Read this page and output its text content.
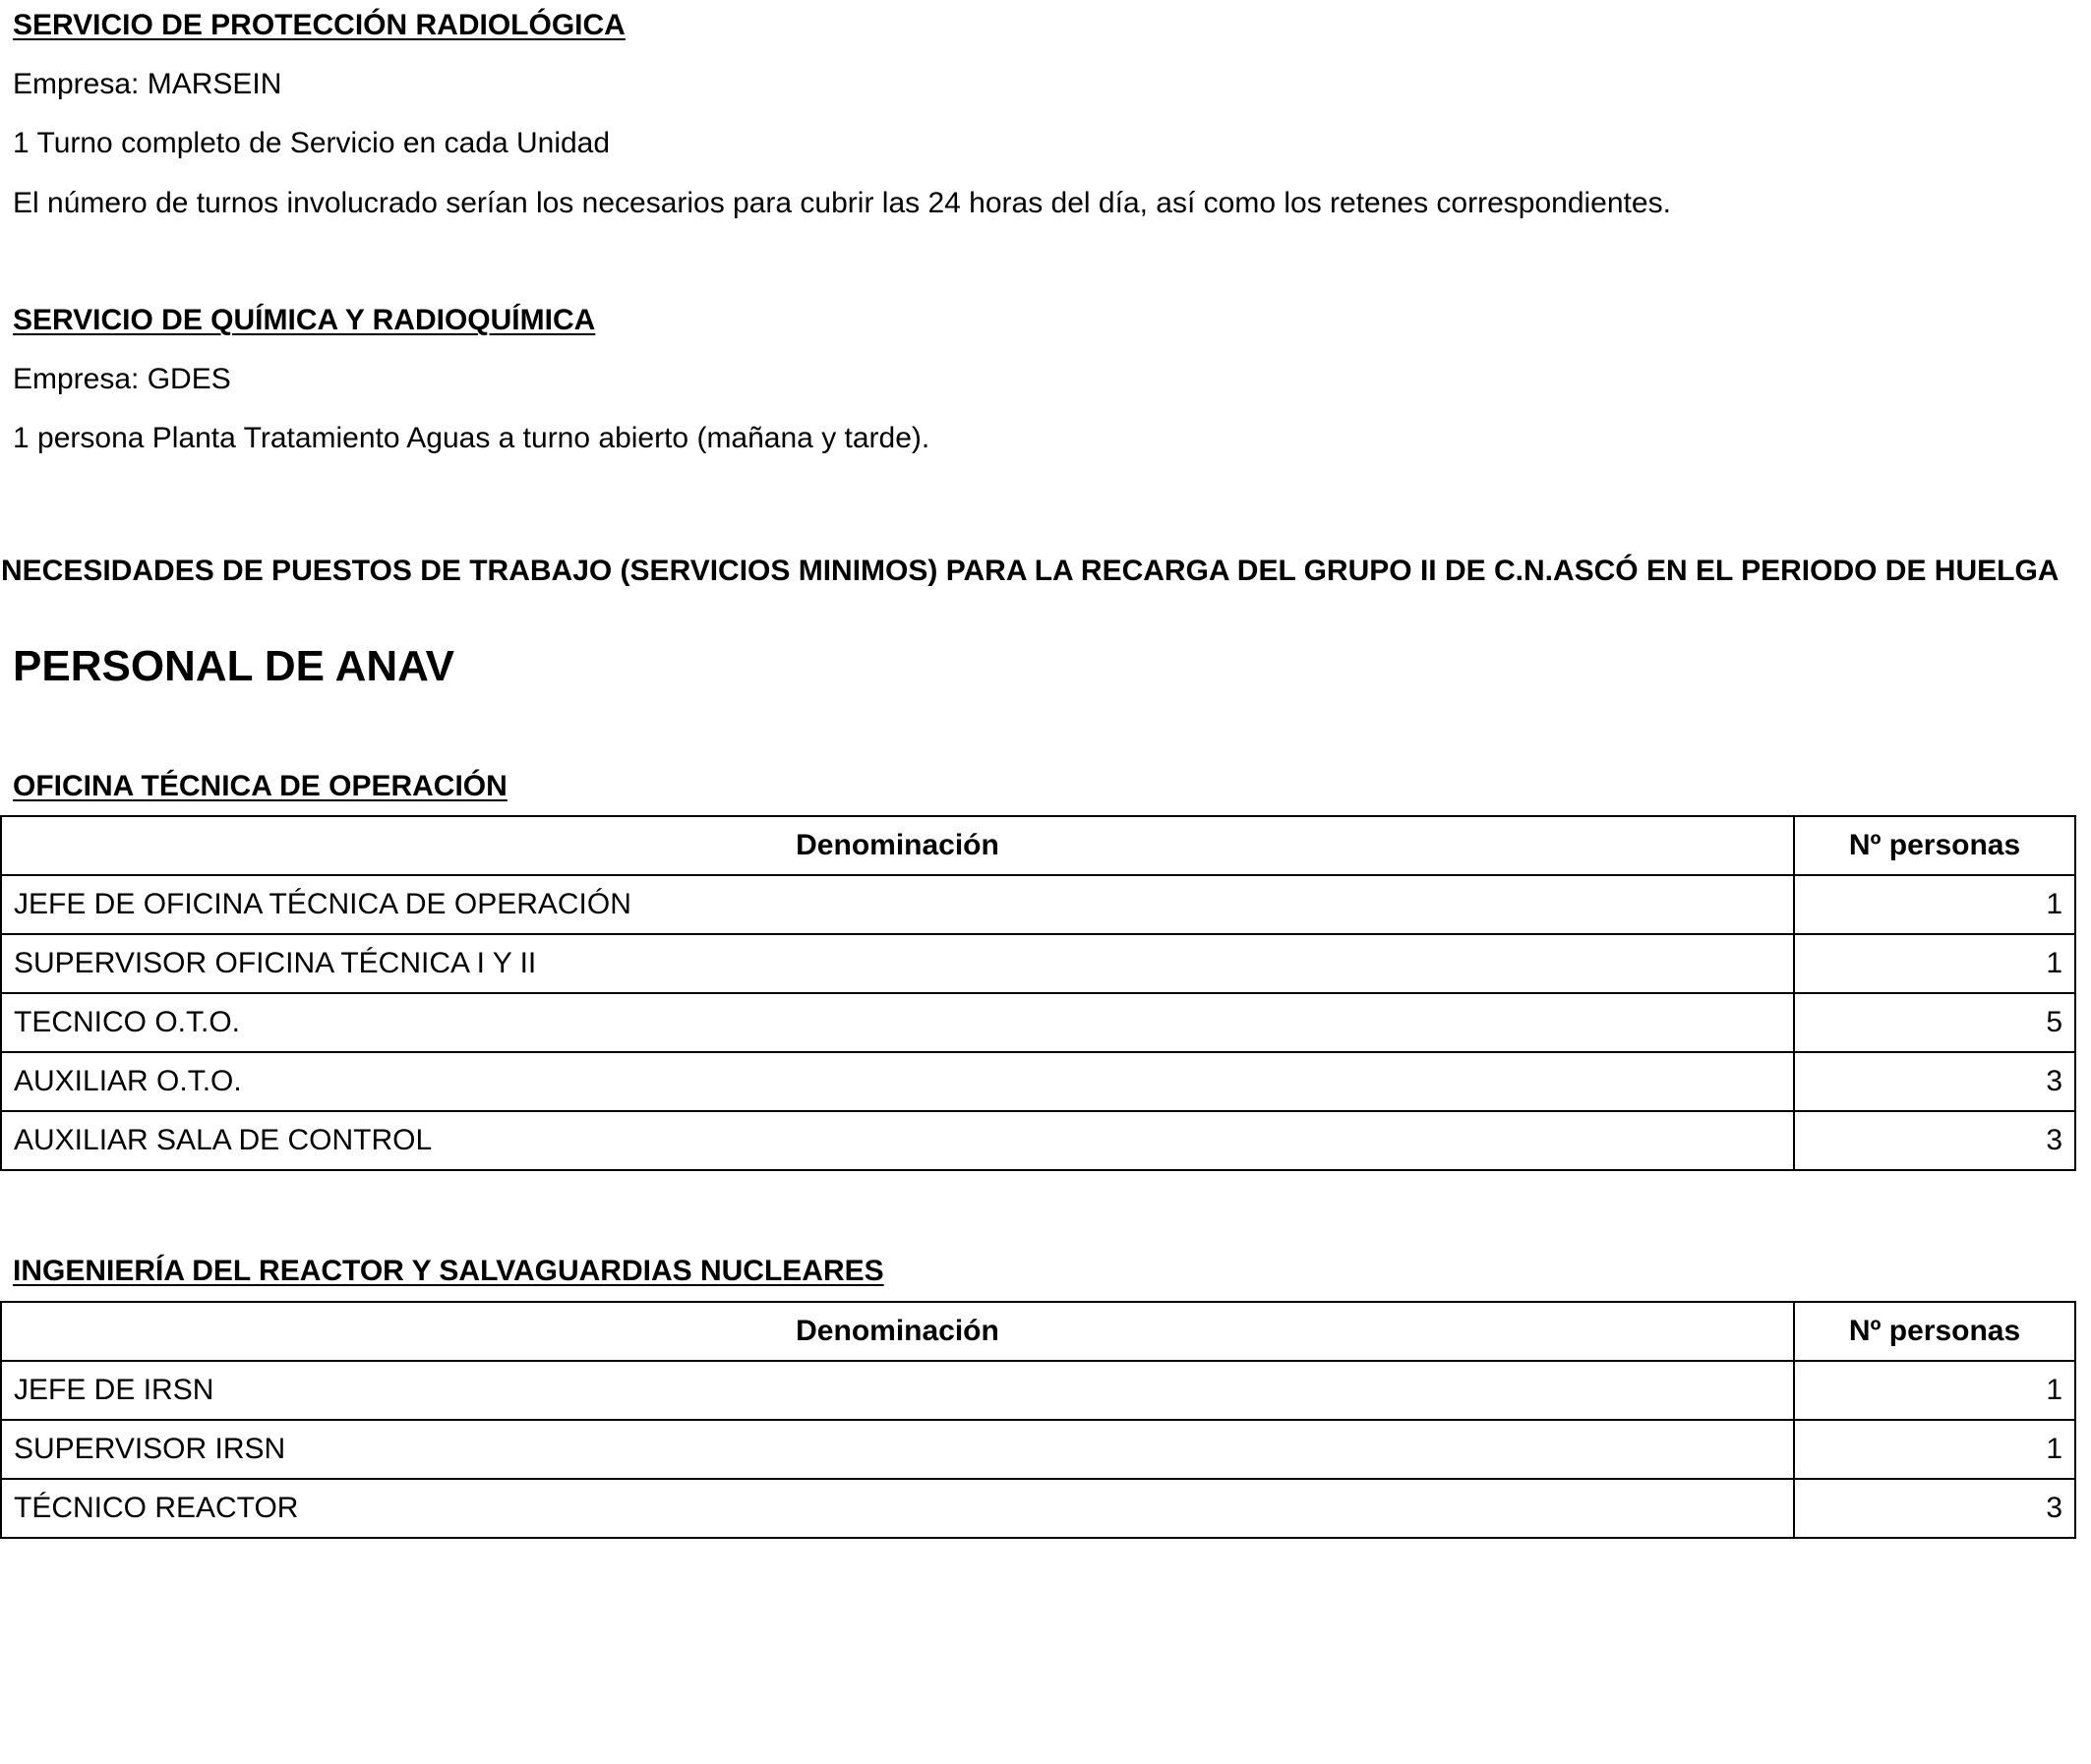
SERVICIO DE PROTECCIÓN RADIOLÓGICA
Empresa: MARSEIN
1 Turno completo de Servicio en cada Unidad
El número de turnos involucrado serían los necesarios para cubrir las 24 horas del día, así como los retenes correspondientes.
SERVICIO DE QUÍMICA Y RADIOQUÍMICA
Empresa: GDES
1 persona Planta Tratamiento Aguas a turno abierto (mañana y tarde).
NECESIDADES DE PUESTOS DE TRABAJO (SERVICIOS MINIMOS) PARA LA RECARGA DEL GRUPO II DE C.N.ASCÓ EN EL PERIODO DE HUELGA
PERSONAL DE ANAV
OFICINA TÉCNICA DE OPERACIÓN
Denominación	Nº personas
JEFE DE OFICINA TÉCNICA DE OPERACIÓN	1
SUPERVISOR OFICINA TÉCNICA I Y II	1
TECNICO O.T.O.	5
AUXILIAR O.T.O.	3
AUXILIAR SALA DE CONTROL	3
INGENIERÍA DEL REACTOR Y SALVAGUARDIAS NUCLEARES
Denominación	Nº personas
JEFE DE IRSN	1
SUPERVISOR IRSN	1
TÉCNICO REACTOR	3
